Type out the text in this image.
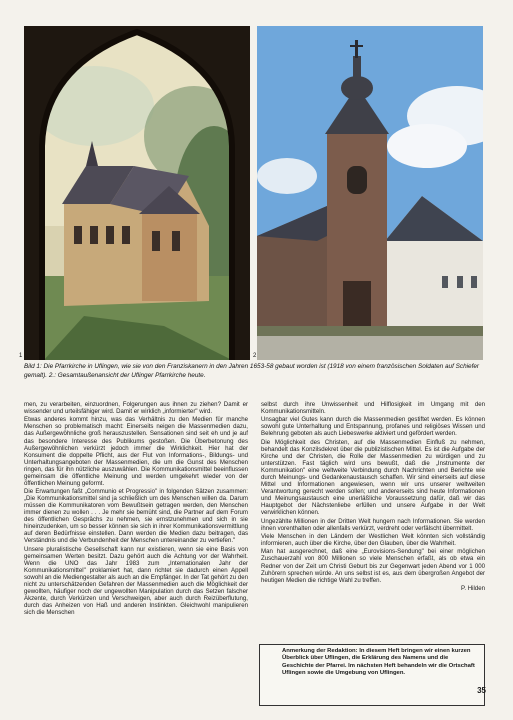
1	2
Bild 1: Die Pfarrkirche in Uflingen, wie sie von den Franziskanern in den Jahren 1653-58 gebaut worden ist (1918 von einem französischen Soldaten auf Schiefer gemalt). 2.: Gesamtaußenansicht der Uflinger Pfarrkirche heute.

men, zu verarbeiten, einzuordnen, Folgerungen aus ihnen zu ziehen? Damit er wissender und urteilsfähiger wird. Damit er wirklich „informierter" wird.

Etwas anderes kommt hinzu, was das Verhältnis zu den Medien für manche Menschen so problematisch macht: Einerseits neigen die Massenmedien dazu, das Außergewöhnliche groß herauszustellen. Sensationen sind seit eh und je auf das besondere Interesse des Publikums gestoßen. Die Überbetonung des Außergewöhnlichen verkürzt jedoch immer die Wirklichkeit. Hier hat der Konsument die doppelte Pflicht, aus der Flut von Informations-, Bildungs- und Unterhaltungsangeboten der Massenmedien, die um die Gunst des Menschen ringen, das für ihn nützliche auszuwählen. Die Kommunikationsmittel beeinflussen gemeinsam die öffentliche Meinung und werden umgekehrt wieder von der öffentlichen Meinung geformt.

Die Erwartungen faßt „Communio et Progressio" in folgenden Sätzen zusammen: „Die Kommunikationsmittel sind ja schließlich um des Menschen willen da. Darum müssen die Kommunikatoren vom Bewußtsein getragen werden, den Menschen immer dienen zu wollen . . . Je mehr sie bemüht sind, die Partner auf dem Forum des öffentlichen Gesprächs zu nehmen, sie ernstzunehmen und sich in sie hineinzudenken, um so besser können sie sich in ihrer Kommunikationsvermittlung auf deren Bedürfnisse einstellen. Dann werden die Medien dazu beitragen, das Verständnis und die Verbundenheit der Menschen untereinander zu vertiefen."

Unsere pluralistische Gesellschaft kann nur existieren, wenn sie eine Basis von gemeinsamen Werten besitzt. Dazu gehört auch die Achtung vor der Wahrheit. Wenn die UNO das Jahr 1983 zum „Internationalen Jahr der Kommunikationsmittel" proklamiert hat, dann richtet sie dadurch einen Appell sowohl an die Mediengestalter als auch an die Empfänger. In der Tat gehört zu den nicht zu unterschätzenden Gefahren der Massenmedien auch die Möglichkeit der gewollten, häufiger noch der ungewollten Manipulation durch das Setzen falscher Akzente, durch Verkürzen und Verschweigen, aber auch durch Reizüberflutung, durch das Anheizen von Haß und anderen Instinkten. Gleichwohl manipulieren sich die Menschen

selbst durch ihre Unwissenheit und Hilflosigkeit im Umgang mit den Kommunikationsmitteln.

Unsagbar viel Gutes kann durch die Massenmedien gestiftet werden. Es können sowohl gute Unterhaltung und Entspannung, profanes und religiöses Wissen und Belehrung geboten als auch Liebeswerke aktiviert und gefördert werden.

Die Möglichkeit des Christen, auf die Massenmedien Einfluß zu nehmen, behandelt das Konzilsdekret über die publizistischen Mittel. Es ist die Aufgabe der Kirche und der Christen, die Rolle der Massenmedien zu würdigen und zu unterstützen. Fast täglich wird uns bewußt, daß die „Instrumente der Kommunikation" eine weltweite Verbindung durch Nachrichten und Berichte wie durch Meinungs- und Gedankenaustausch schaffen. Wir sind einerseits auf diese Mittel und Informationen angewiesen, wenn wir uns unserer weltweiten Verantwortung gerecht werden sollen; und andererseits sind heute Informationen und Meinungsaustausch eine unerläßliche Voraussetzung dafür, daß wir das Hauptgebot der Nächstenliebe erfüllen und unsere Aufgabe in der Welt verwirklichen können.

Ungezählte Millionen in der Dritten Welt hungern nach Informationen. Sie werden ihnen vorenthalten oder allenfalls verkürzt, verdreht oder verfälscht übermittelt.

Viele Menschen in den Ländern der Westlichen Welt könnten sich vollständig informieren, auch über die Kirche, über den Glauben, über die Wahrheit.

Man hat ausgerechnet, daß eine „Eurovisions-Sendung" bei einer möglichen Zuschauerzahl von 800 Millionen so viele Menschen erfaßt, als ob etwa ein Redner von der Zeit um Christi Geburt bis zur Gegenwart jeden Abend vor 1 000 Zuhörern sprechen würde. An uns selbst ist es, aus dem übergroßen Angebot der heutigen Medien die richtige Wahl zu treffen.

P. Hilden

Anmerkung der Redaktion: In diesem Heft bringen wir einen kurzen Überblick über Uflingen, die Erklärung des Namens und die Geschichte der Pfarrei. Im nächsten Heft behandeln wir die Ortschaft Uflingen sowie die Umgebung von Uflingen.
35
